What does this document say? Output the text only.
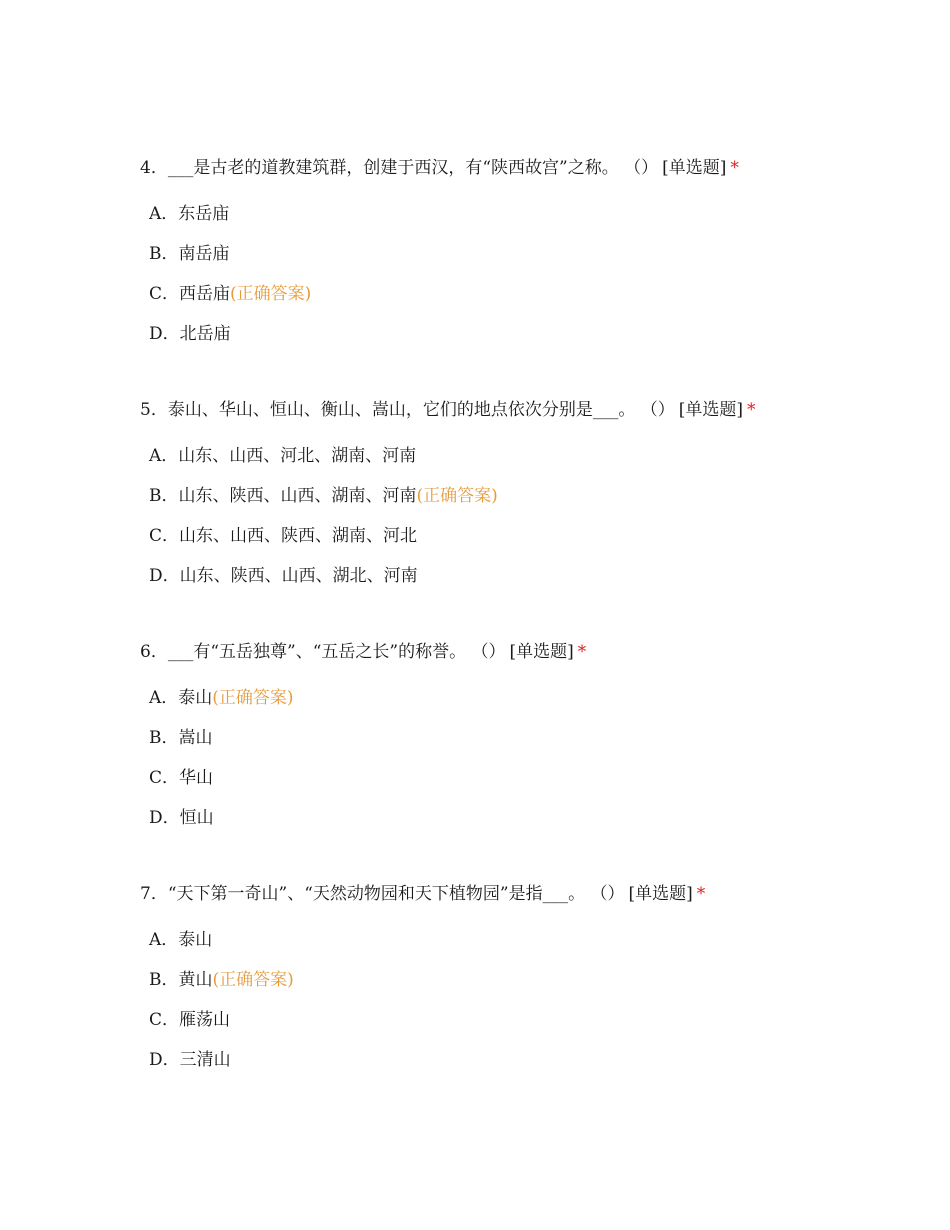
4．___是古老的道教建筑群，创建于西汉，有“陕西故宫”之称。 （） [单选题] *
A．东岳庙
B．南岳庙
C．西岳庙(正确答案)
D．北岳庙
5．泰山、华山、恒山、衡山、嵩山，它们的地点依次分别是___。 （） [单选题] *
A．山东、山西、河北、湖南、河南
B．山东、陕西、山西、湖南、河南(正确答案)
C．山东、山西、陕西、湖南、河北
D．山东、陕西、山西、湖北、河南
6．___有“五岳独尊”、“五岳之长”的称誉。 （） [单选题] *
A．泰山(正确答案)
B．嵩山
C．华山
D．恒山
7．“天下第一奇山”、“天然动物园和天下植物园”是指___。 （） [单选题] *
A．泰山
B．黄山(正确答案)
C．雁荡山
D．三清山
